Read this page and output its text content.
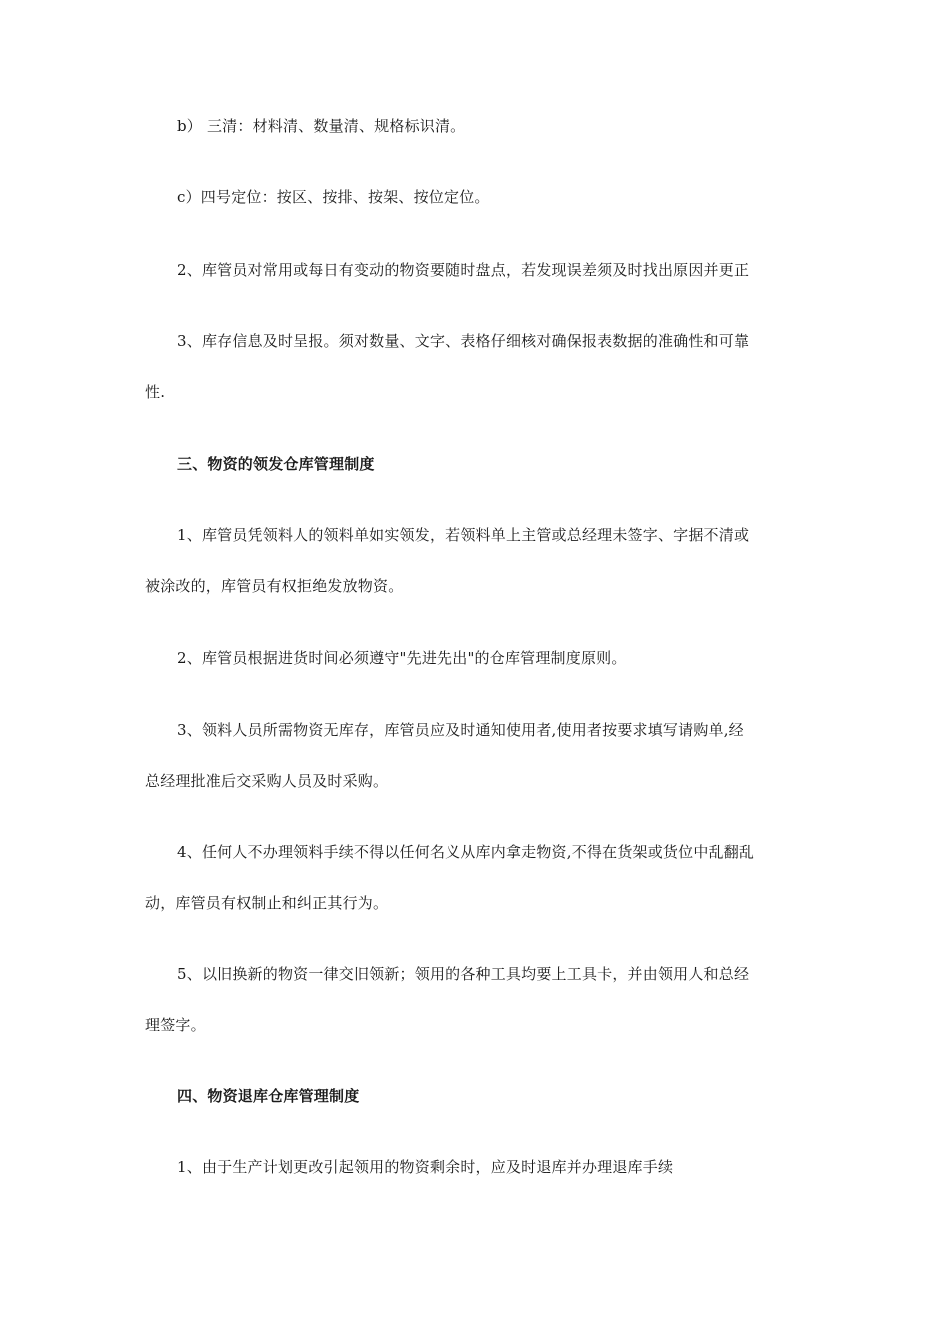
b） 三清：材料清、数量清、规格标识清。
c）四号定位：按区、按排、按架、按位定位。
2、库管员对常用或每日有变动的物资要随时盘点，若发现误差须及时找出原因并更正
3、库存信息及时呈报。须对数量、文字、表格仔细核对确保报表数据的准确性和可靠
性.
三、物资的领发仓库管理制度
1、库管员凭领料人的领料单如实领发，若领料单上主管或总经理未签字、字据不清或
被涂改的，库管员有权拒绝发放物资。
2、库管员根据进货时间必须遵守"先进先出"的仓库管理制度原则。
3、领料人员所需物资无库存，库管员应及时通知使用者,使用者按要求填写请购单,经
总经理批准后交采购人员及时采购。
4、任何人不办理领料手续不得以任何名义从库内拿走物资,不得在货架或货位中乱翻乱
动，库管员有权制止和纠正其行为。
5、以旧换新的物资一律交旧领新；领用的各种工具均要上工具卡，并由领用人和总经
理签字。
四、物资退库仓库管理制度
1、由于生产计划更改引起领用的物资剩余时，应及时退库并办理退库手续
